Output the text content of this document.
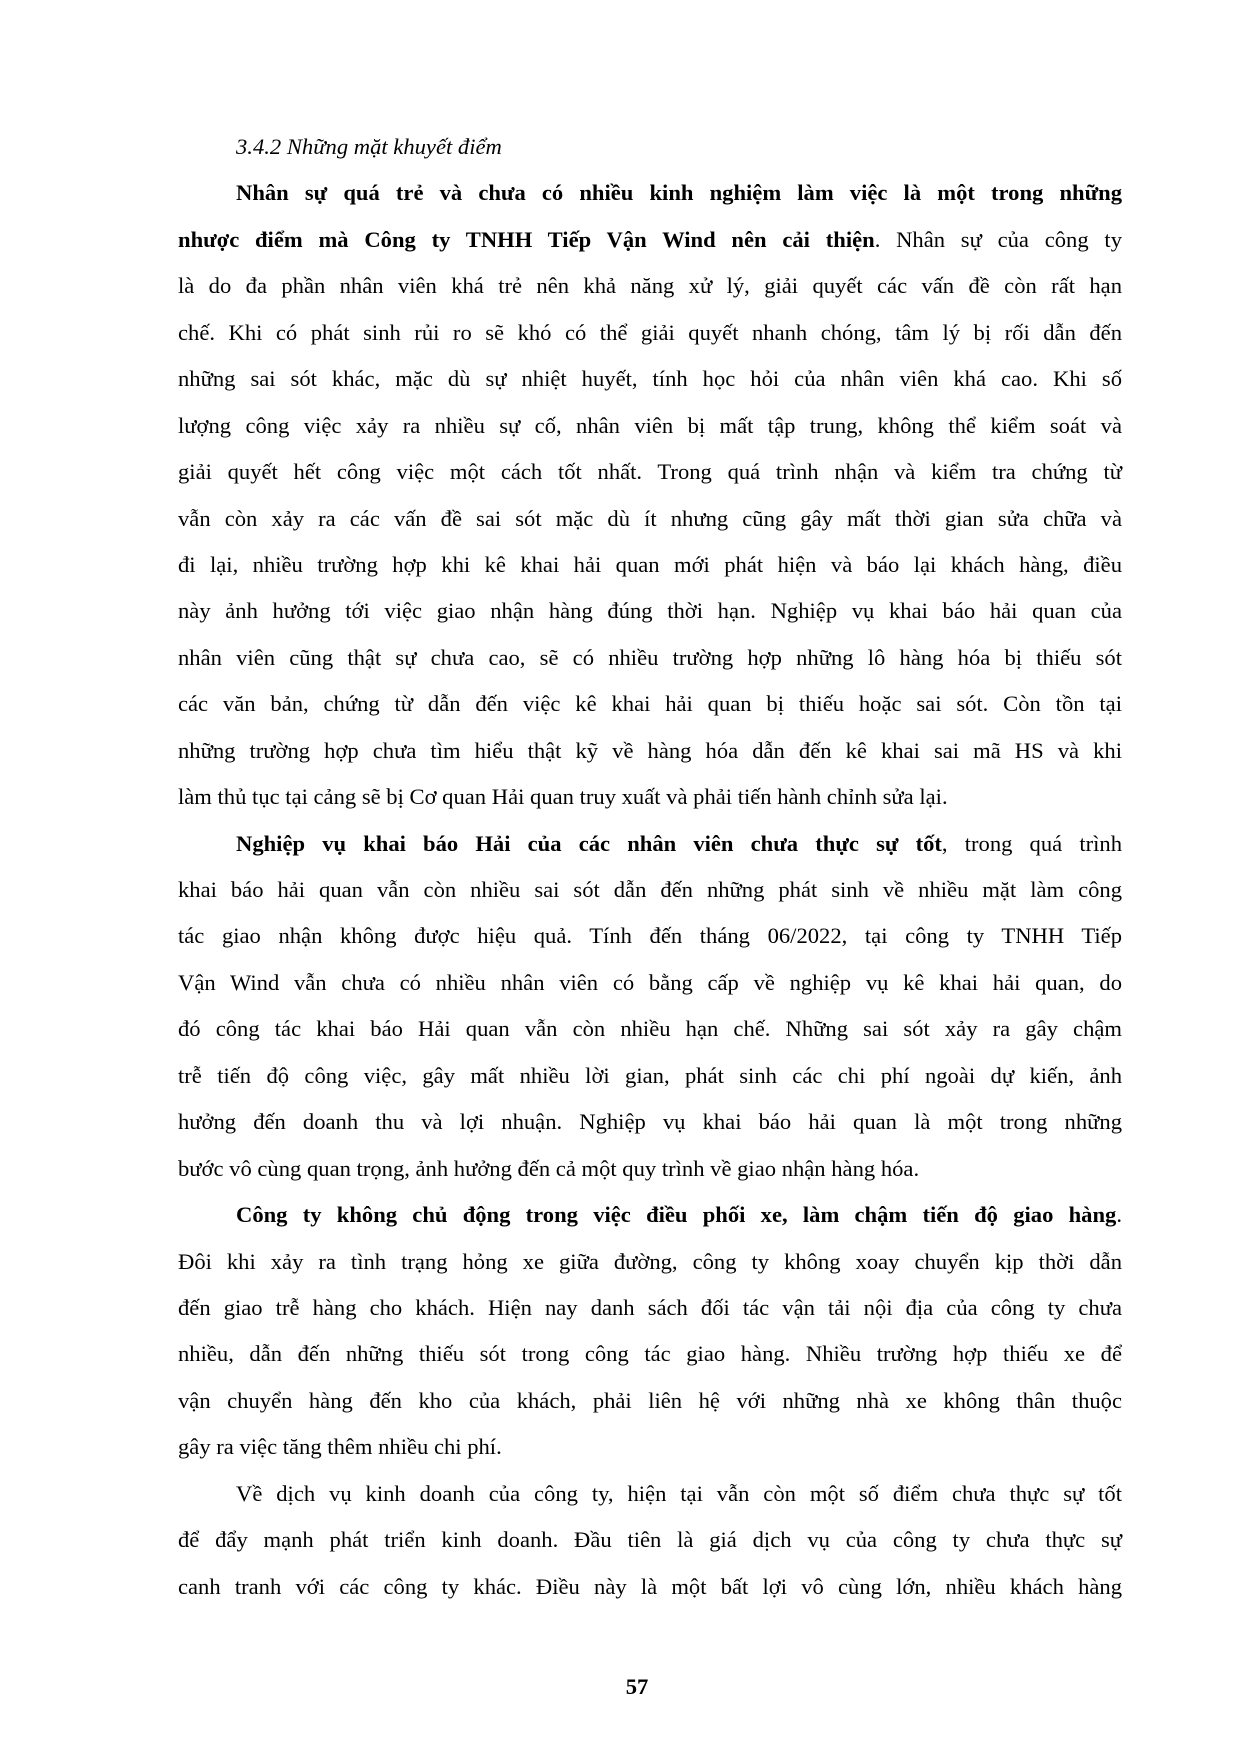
3.4.2 Những mặt khuyết điểm
Nhân sự quá trẻ và chưa có nhiều kinh nghiệm làm việc là một trong những
nhược điểm mà Công ty TNHH Tiếp Vận Wind nên cải thiện. Nhân sự của công ty
là do đa phần nhân viên khá trẻ nên khả năng xử lý, giải quyết các vấn đề còn rất hạn
chế. Khi có phát sinh rủi ro sẽ khó có thể giải quyết nhanh chóng, tâm lý bị rối dẫn đến
những sai sót khác, mặc dù sự nhiệt huyết, tính học hỏi của nhân viên khá cao. Khi số
lượng công việc xảy ra nhiều sự cố, nhân viên bị mất tập trung, không thể kiểm soát và
giải quyết hết công việc một cách tốt nhất. Trong quá trình nhận và kiểm tra chứng từ
vẫn còn xảy ra các vấn đề sai sót mặc dù ít nhưng cũng gây mất thời gian sửa chữa và
đi lại, nhiều trường hợp khi kê khai hải quan mới phát hiện và báo lại khách hàng, điều
này ảnh hưởng tới việc giao nhận hàng đúng thời hạn. Nghiệp vụ khai báo hải quan của
nhân viên cũng thật sự chưa cao, sẽ có nhiều trường hợp những lô hàng hóa bị thiếu sót
các văn bản, chứng từ dẫn đến việc kê khai hải quan bị thiếu hoặc sai sót. Còn tồn tại
những trường hợp chưa tìm hiểu thật kỹ về hàng hóa dẫn đến kê khai sai mã HS và khi
làm thủ tục tại cảng sẽ bị Cơ quan Hải quan truy xuất và phải tiến hành chỉnh sửa lại.
Nghiệp vụ khai báo Hải của các nhân viên chưa thực sự tốt, trong quá trình
khai báo hải quan vẫn còn nhiều sai sót dẫn đến những phát sinh về nhiều mặt làm công
tác giao nhận không được hiệu quả. Tính đến tháng 06/2022, tại công ty TNHH Tiếp
Vận Wind vẫn chưa có nhiều nhân viên có bằng cấp về nghiệp vụ kê khai hải quan, do
đó công tác khai báo Hải quan vẫn còn nhiều hạn chế. Những sai sót xảy ra gây chậm
trễ tiến độ công việc, gây mất nhiều lời gian, phát sinh các chi phí ngoài dự kiến, ảnh
hưởng đến doanh thu và lợi nhuận. Nghiệp vụ khai báo hải quan là một trong những
bước vô cùng quan trọng, ảnh hưởng đến cả một quy trình về giao nhận hàng hóa.
Công ty không chủ động trong việc điều phối xe, làm chậm tiến độ giao hàng.
Đôi khi xảy ra tình trạng hỏng xe giữa đường, công ty không xoay chuyển kịp thời dẫn
đến giao trễ hàng cho khách. Hiện nay danh sách đối tác vận tải nội địa của công ty chưa
nhiều, dẫn đến những thiếu sót trong công tác giao hàng. Nhiều trường hợp thiếu xe để
vận chuyển hàng đến kho của khách, phải liên hệ với những nhà xe không thân thuộc
gây ra việc tăng thêm nhiều chi phí.
Về dịch vụ kinh doanh của công ty, hiện tại vẫn còn một số điểm chưa thực sự tốt
để đẩy mạnh phát triển kinh doanh. Đầu tiên là giá dịch vụ của công ty chưa thực sự
canh tranh với các công ty khác. Điều này là một bất lợi vô cùng lớn, nhiều khách hàng
57
